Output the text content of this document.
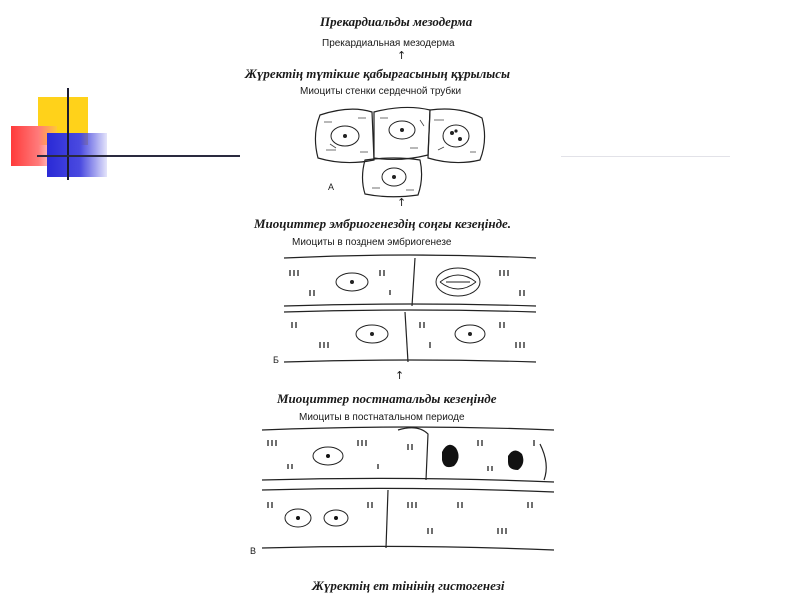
Прекардиальды мезодерма
Прекардиальная мезодерма
↑
Жүректің түтікше қабырғасының құрылысы
Миоциты стенки сердечной трубки
А
↑
Миоциттер эмбриогенездің соңғы кезеңінде.
Миоциты в позднем эмбриогенезе
Б
↑
Миоциттер постнатальды кезеңінде
Миоциты в постнатальном периоде
В
Жүректің ет тінінің гистогенезі
